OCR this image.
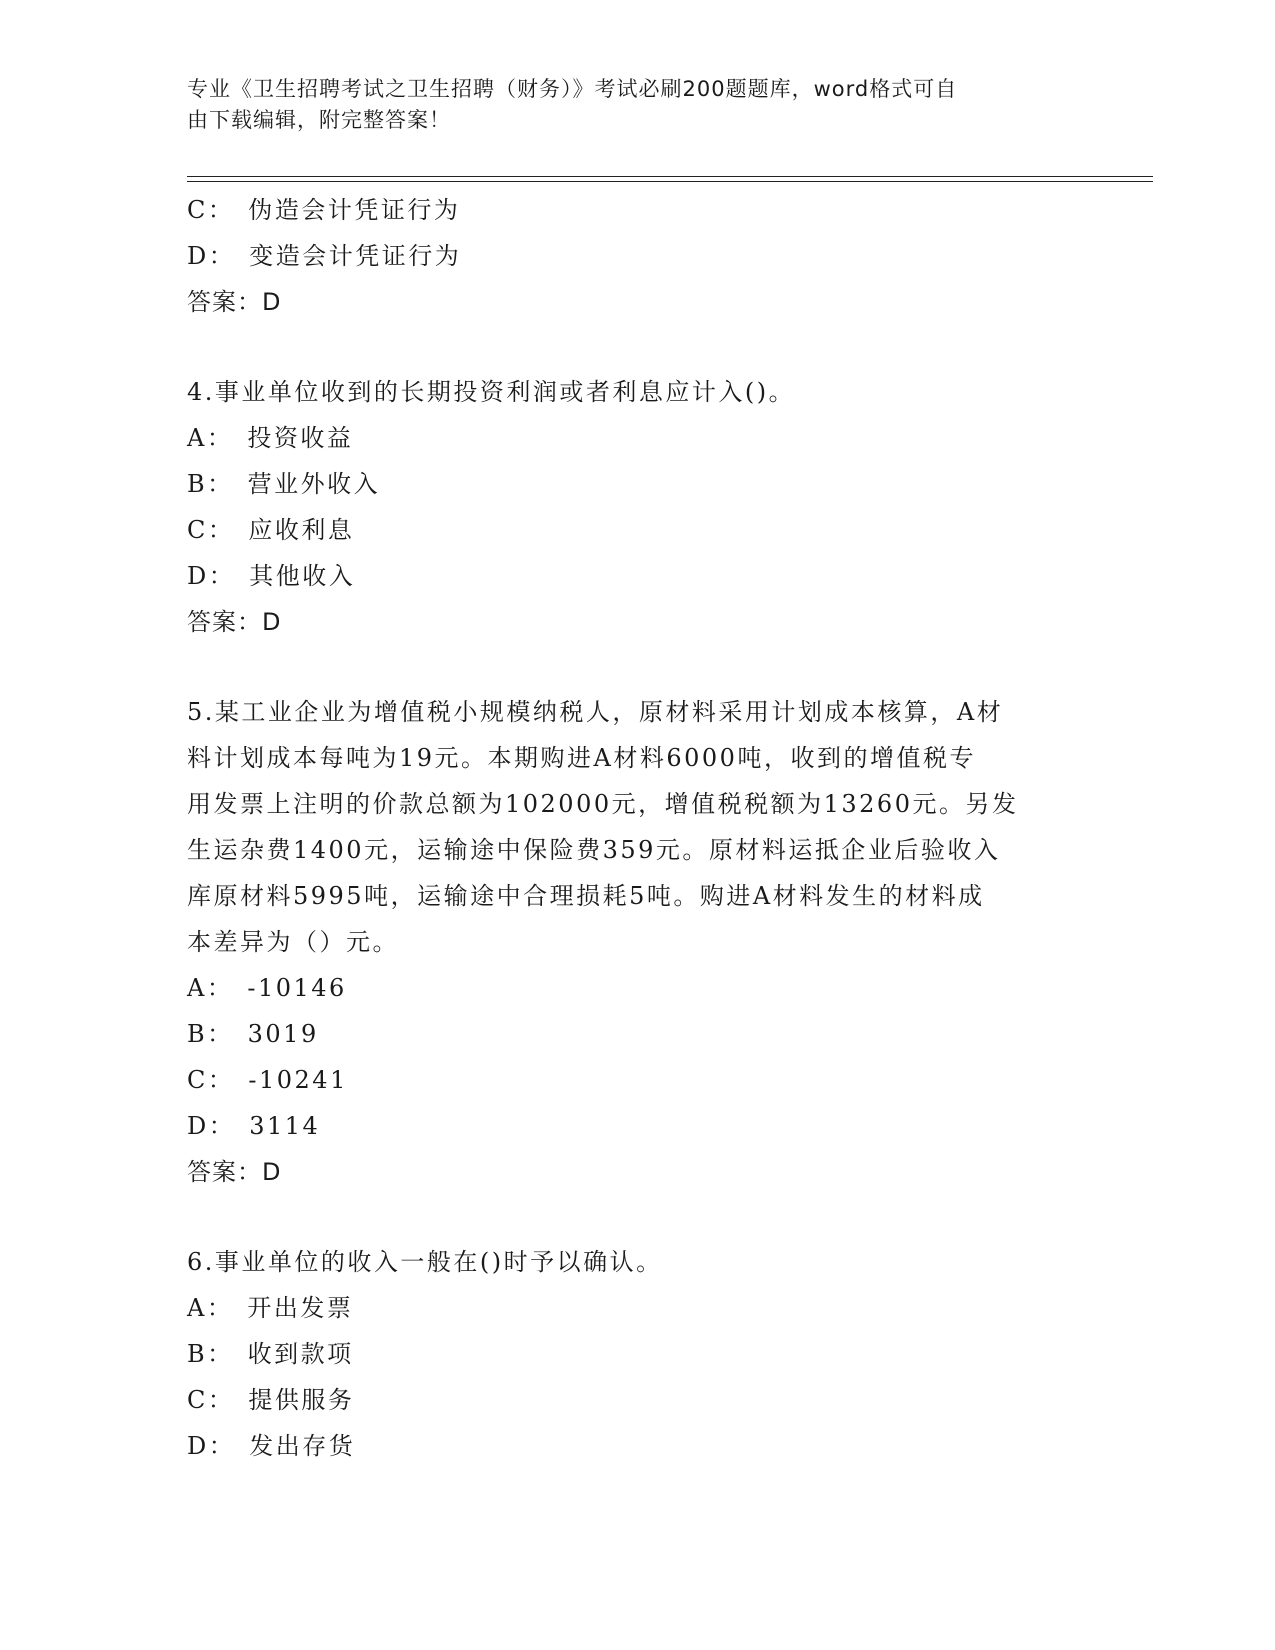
专业《卫生招聘考试之卫生招聘（财务）》考试必刷200题题库，word格式可自
由下载编辑，附完整答案！
C： 伪造会计凭证行为
D： 变造会计凭证行为
答案：D
4.事业单位收到的长期投资利润或者利息应计入()。
A： 投资收益
B： 营业外收入
C： 应收利息
D： 其他收入
答案：D
5.某工业企业为增值税小规模纳税人，原材料采用计划成本核算，A材
料计划成本每吨为19元。本期购进A材料6000吨，收到的增值税专
用发票上注明的价款总额为102000元，增值税税额为13260元。另发
生运杂费1400元，运输途中保险费359元。原材料运抵企业后验收入
库原材料5995吨，运输途中合理损耗5吨。购进A材料发生的材料成
本差异为（）元。
A： -10146
B： 3019
C： -10241
D： 3114
答案：D
6.事业单位的收入一般在()时予以确认。
A： 开出发票
B： 收到款项
C： 提供服务
D： 发出存货
